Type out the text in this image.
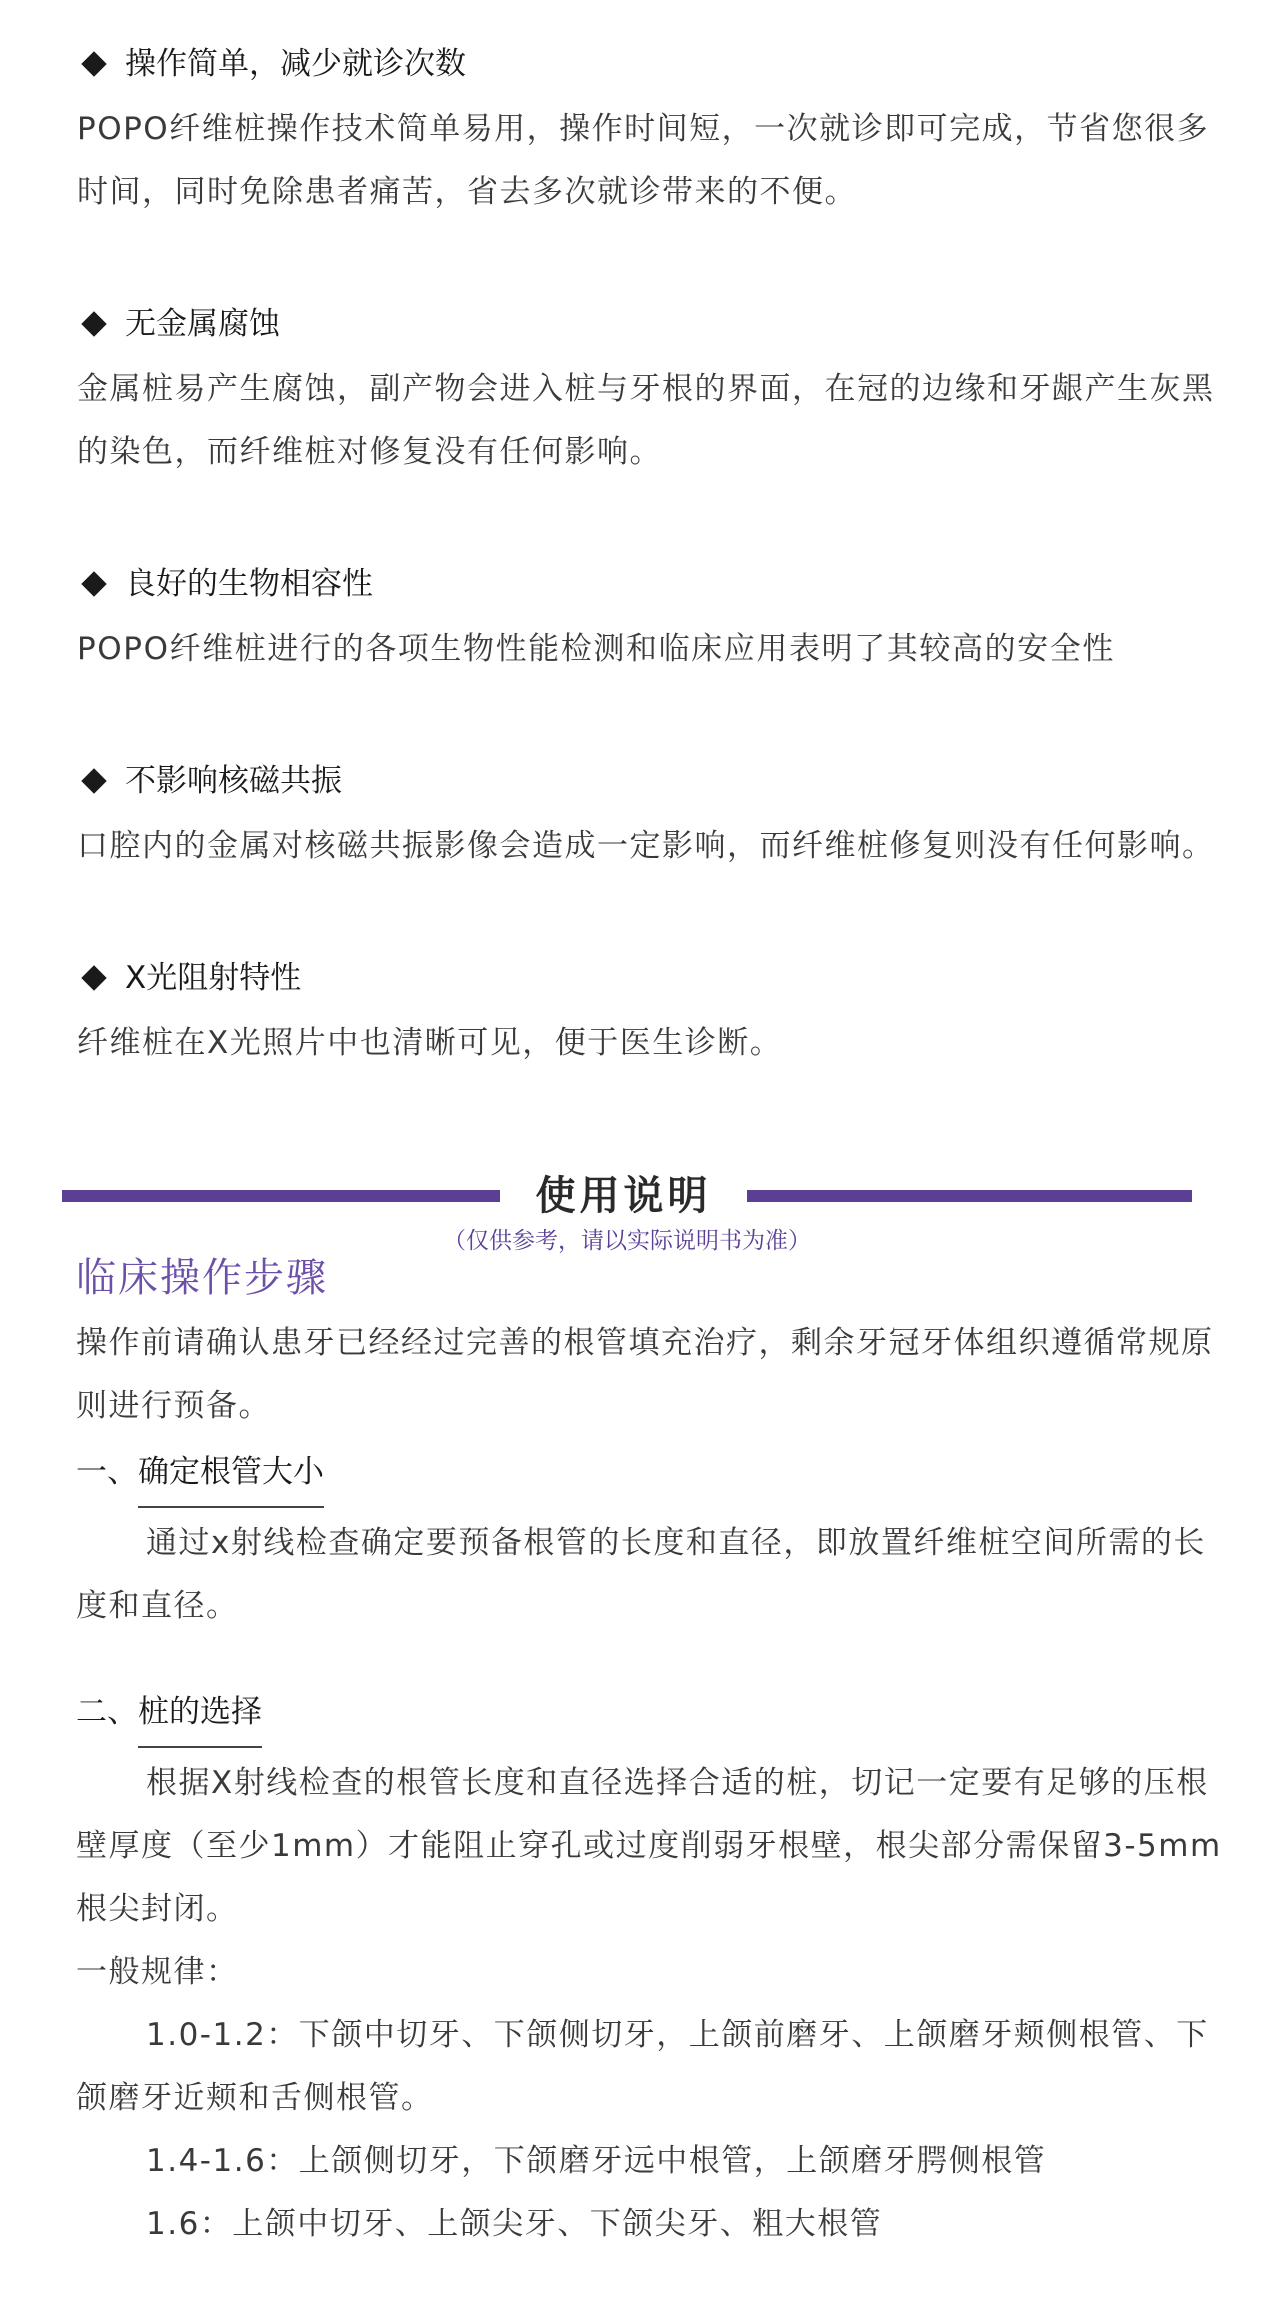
操作简单，减少就诊次数
POPO纤维桩操作技术简单易用，操作时间短，一次就诊即可完成，节省您很多时间，同时免除患者痛苦，省去多次就诊带来的不便。
无金属腐蚀
金属桩易产生腐蚀，副产物会进入桩与牙根的界面，在冠的边缘和牙龈产生灰黑的染色，而纤维桩对修复没有任何影响。
良好的生物相容性
POPO纤维桩进行的各项生物性能检测和临床应用表明了其较高的安全性
不影响核磁共振
口腔内的金属对核磁共振影像会造成一定影响，而纤维桩修复则没有任何影响。
X光阻射特性
纤维桩在X光照片中也清晰可见，便于医生诊断。
使用说明
（仅供参考，请以实际说明书为准）
临床操作步骤
操作前请确认患牙已经经过完善的根管填充治疗，剩余牙冠牙体组织遵循常规原则进行预备。
一、 确定根管大小
通过x射线检查确定要预备根管的长度和直径，即放置纤维桩空间所需的长度和直径。
二、 桩的选择
根据X射线检查的根管长度和直径选择合适的桩，切记一定要有足够的压根壁厚度（至少1mm）才能阻止穿孔或过度削弱牙根壁，根尖部分需保留3-5mm根尖封闭。
一般规律：
1.0-1.2：下颌中切牙、下颌侧切牙，上颌前磨牙、上颌磨牙颊侧根管、下颌磨牙近颊和舌侧根管。
1.4-1.6：上颌侧切牙，下颌磨牙远中根管，上颌磨牙腭侧根管
1.6：上颌中切牙、上颌尖牙、下颌尖牙、粗大根管
